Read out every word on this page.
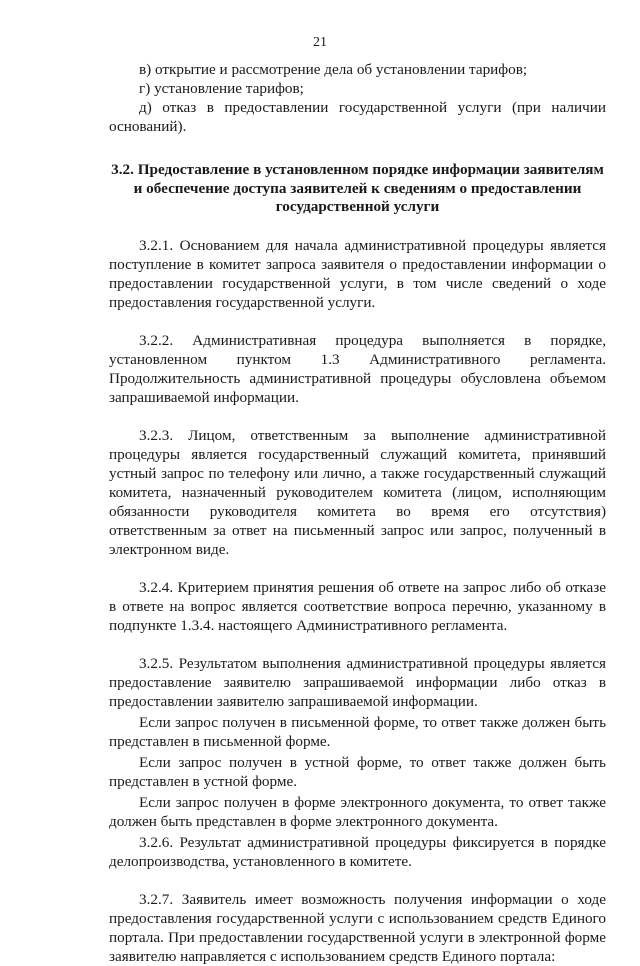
21

в) открытие и рассмотрение дела об установлении тарифов;

г) установление тарифов;

д) отказ в предоставлении государственной услуги (при наличии оснований).

3.2. Предоставление в установленном порядке информации заявителям и обеспечение доступа заявителей к сведениям о предоставлении государственной услуги

3.2.1. Основанием для начала административной процедуры является поступление в комитет запроса заявителя о предоставлении информации о предоставлении государственной услуги, в том числе сведений о ходе предоставления государственной услуги.

3.2.2. Административная процедура выполняется в порядке, установленном пунктом 1.3 Административного регламента. Продолжительность административной процедуры обусловлена объемом запрашиваемой информации.

3.2.3. Лицом, ответственным за выполнение административной процедуры является государственный служащий комитета, принявший устный запрос по телефону или лично, а также государственный служащий комитета, назначенный руководителем комитета (лицом, исполняющим обязанности руководителя комитета во время его отсутствия) ответственным за ответ на письменный запрос или запрос, полученный в электронном виде.

3.2.4. Критерием принятия решения об ответе на запрос либо об отказе в ответе на вопрос является соответствие вопроса перечню, указанному в подпункте 1.3.4. настоящего Административного регламента.

3.2.5. Результатом выполнения административной процедуры является предоставление заявителю запрашиваемой информации либо отказ в предоставлении заявителю запрашиваемой информации.

Если запрос получен в письменной форме, то ответ также должен быть представлен в письменной форме.

Если запрос получен в устной форме, то ответ также должен быть представлен в устной форме.

Если запрос получен в форме электронного документа, то ответ также должен быть представлен в форме электронного документа.

3.2.6. Результат административной процедуры фиксируется в порядке делопроизводства, установленного в комитете.

3.2.7. Заявитель имеет возможность получения информации о ходе предоставления государственной услуги с использованием средств Единого портала. При предоставлении государственной услуги в электронной форме заявителю направляется с использованием средств Единого портала:
